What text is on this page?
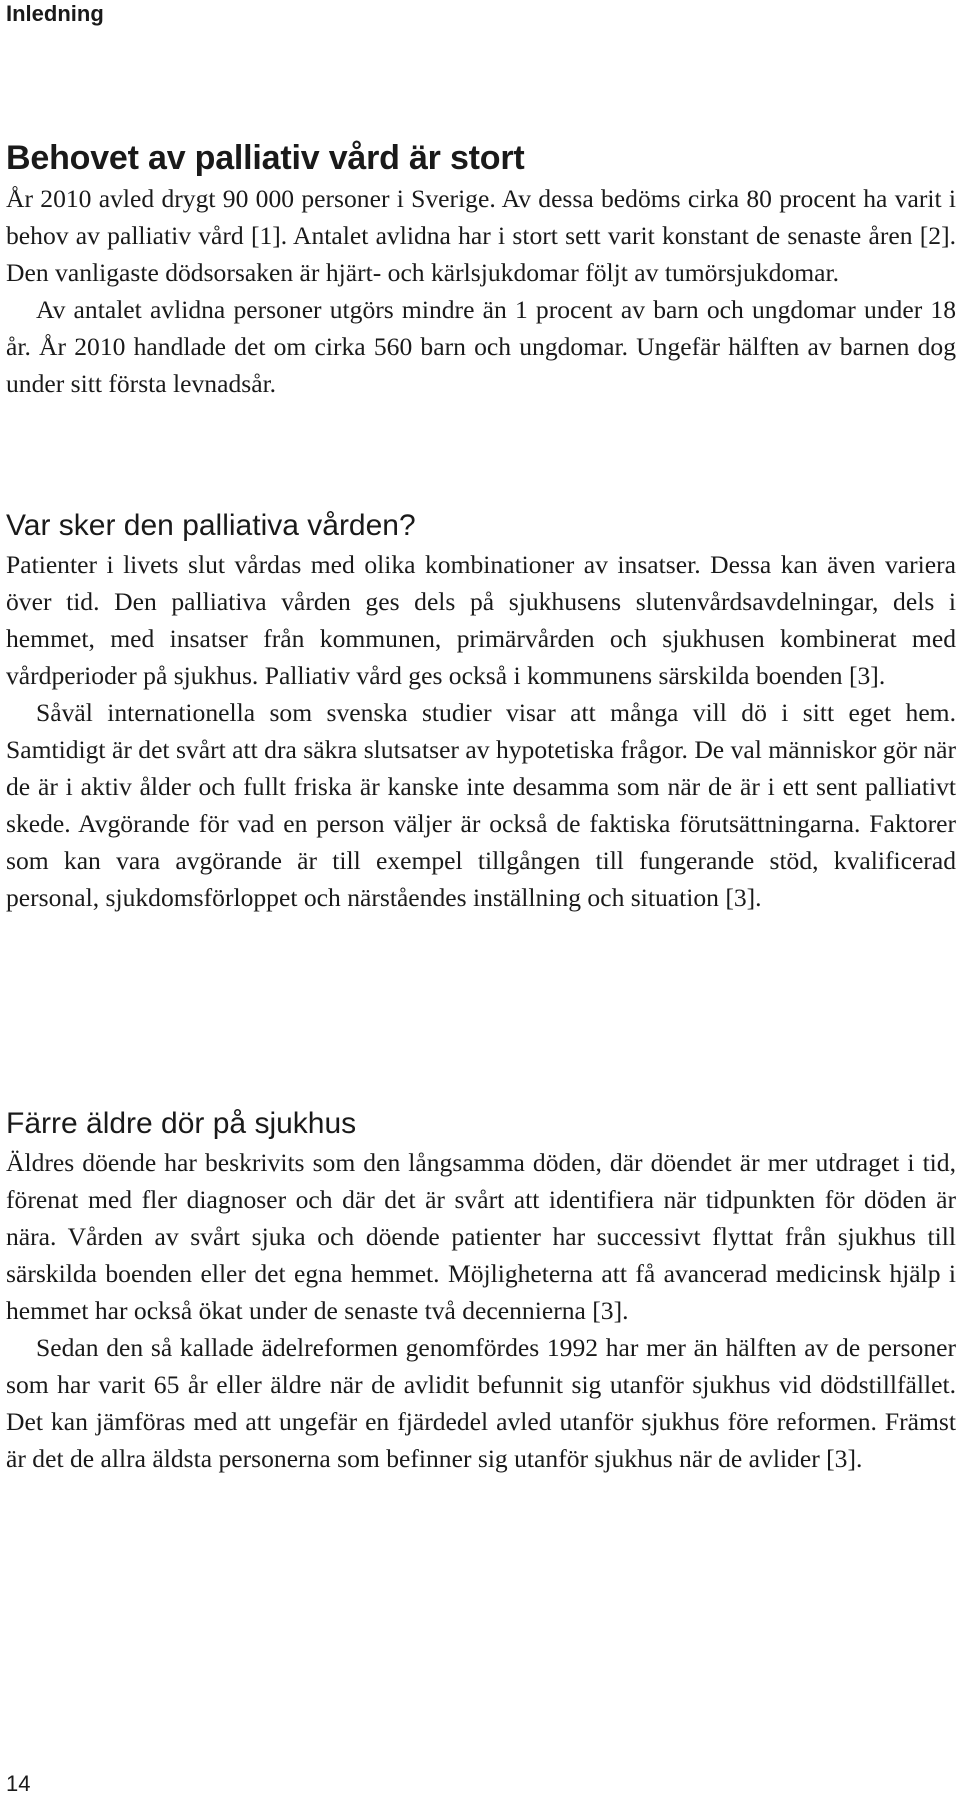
Inledning
Behovet av palliativ vård är stort

År 2010 avled drygt 90 000 personer i Sverige. Av dessa bedöms cirka 80 procent ha varit i behov av palliativ vård [1]. Antalet avlidna har i stort sett varit konstant de senaste åren [2]. Den vanligaste dödsorsaken är hjärt- och kärlsjukdomar följt av tumörsjukdomar.

Av antalet avlidna personer utgörs mindre än 1 procent av barn och ungdomar under 18 år. År 2010 handlade det om cirka 560 barn och ungdomar. Ungefär hälften av barnen dog under sitt första levnadsår.

Var sker den palliativa vården?

Patienter i livets slut vårdas med olika kombinationer av insatser. Dessa kan även variera över tid. Den palliativa vården ges dels på sjukhusens slutenvårdsavdelningar, dels i hemmet, med insatser från kommunen, primärvården och sjukhusen kombinerat med vårdperioder på sjukhus. Palliativ vård ges också i kommunens särskilda boenden [3].

Såväl internationella som svenska studier visar att många vill dö i sitt eget hem. Samtidigt är det svårt att dra säkra slutsatser av hypotetiska frågor. De val människor gör när de är i aktiv ålder och fullt friska är kanske inte desamma som när de är i ett sent palliativt skede. Avgörande för vad en person väljer är också de faktiska förutsättningarna. Faktorer som kan vara avgörande är till exempel tillgången till fungerande stöd, kvalificerad personal, sjukdomsförloppet och närståendes inställning och situation [3].

Färre äldre dör på sjukhus

Äldres döende har beskrivits som den långsamma döden, där döendet är mer utdraget i tid, förenat med fler diagnoser och där det är svårt att identifiera när tidpunkten för döden är nära. Vården av svårt sjuka och döende patienter har successivt flyttat från sjukhus till särskilda boenden eller det egna hemmet. Möjligheterna att få avancerad medicinsk hjälp i hemmet har också ökat under de senaste två decennierna [3].

Sedan den så kallade ädelreformen genomfördes 1992 har mer än hälften av de personer som har varit 65 år eller äldre när de avlidit befunnit sig utanför sjukhus vid dödstillfället. Det kan jämföras med att ungefär en fjärdedel avled utanför sjukhus före reformen. Främst är det de allra äldsta personerna som befinner sig utanför sjukhus när de avlider [3].

14
